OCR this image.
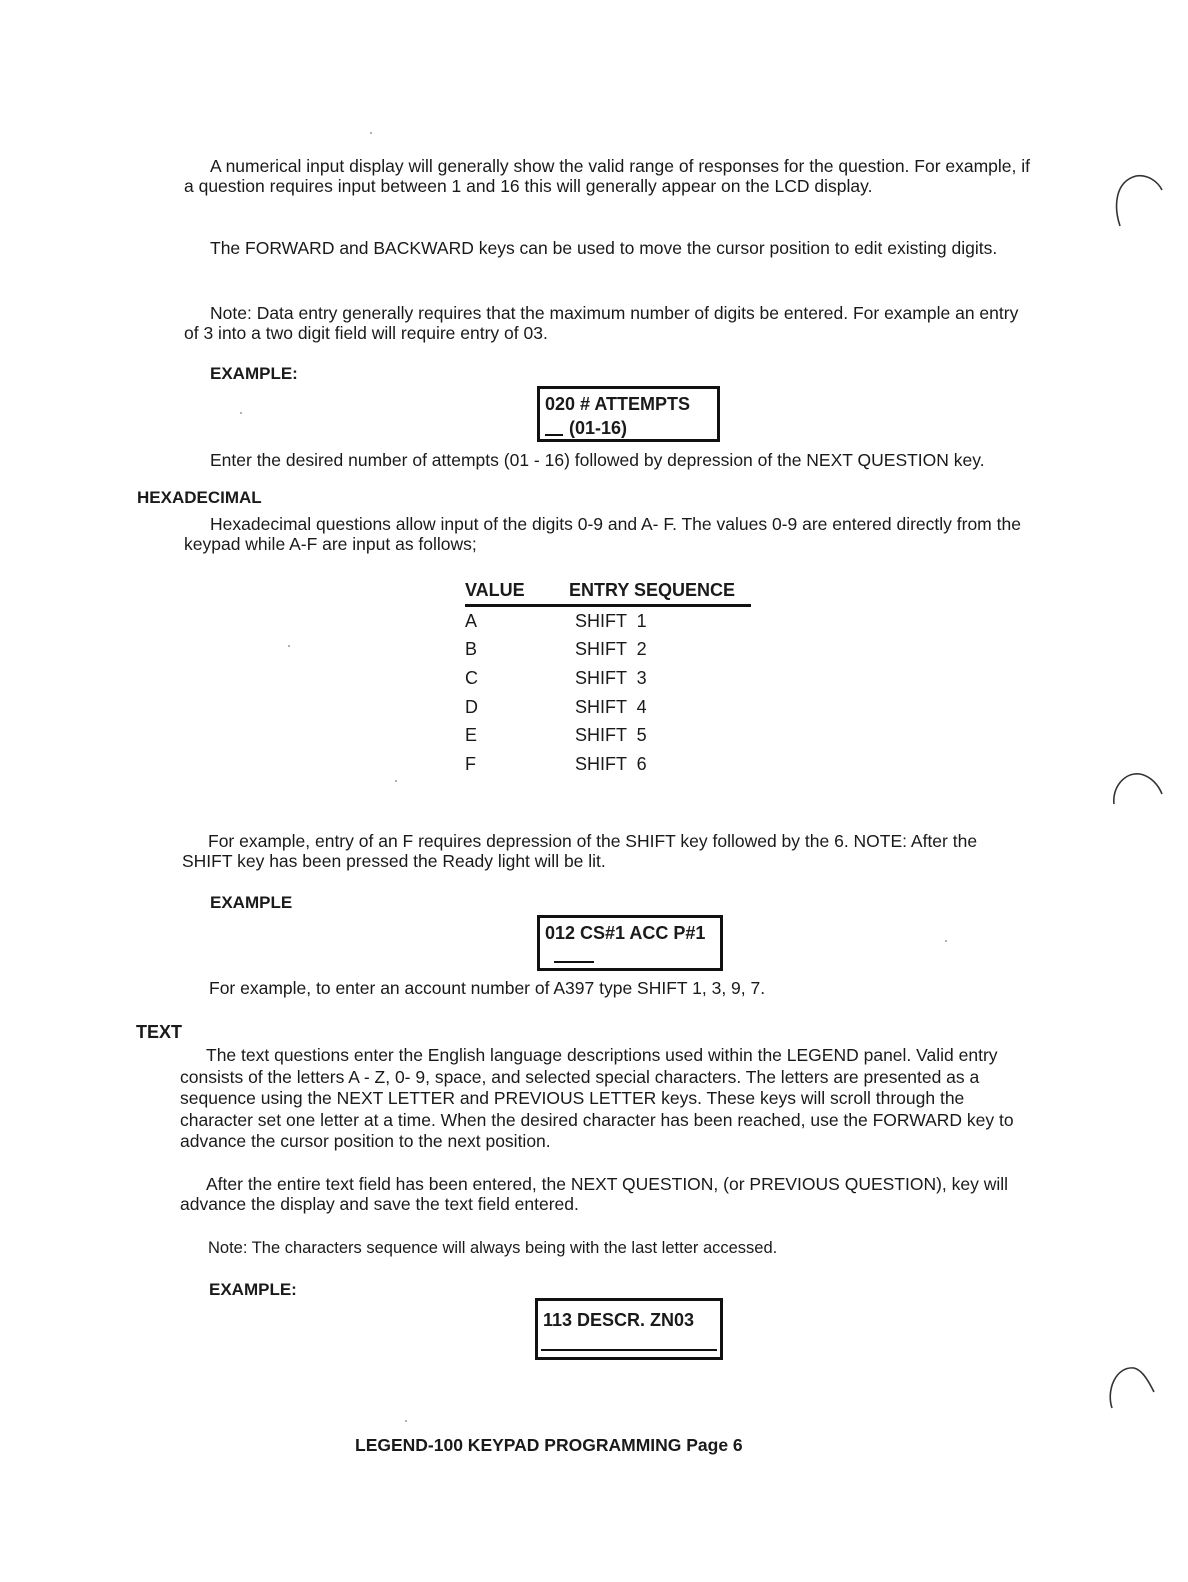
A numerical input display will generally show the valid range of responses for the question. For example, if a question requires input between 1 and 16 this will generally appear on the LCD display.

The FORWARD and BACKWARD keys can be used to move the cursor position to edit existing digits.

Note: Data entry generally requires that the maximum number of digits be entered. For example an entry of 3 into a two digit field will require entry of 03.

EXAMPLE:
020 # ATTEMPTS
(01-16)

Enter the desired number of attempts (01 - 16) followed by depression of the NEXT QUESTION key.

HEXADECIMAL

Hexadecimal questions allow input of the digits 0-9 and A- F. The values 0-9 are entered directly from the keypad while A-F are input as follows;

VALUE	ENTRY SEQUENCE
A	SHIFT  1
B	SHIFT  2
C	SHIFT  3
D	SHIFT  4
E	SHIFT  5
F	SHIFT  6

For example, entry of an F requires depression of the SHIFT key followed by the 6. NOTE: After the SHIFT key has been pressed the Ready light will be lit.

EXAMPLE
012 CS#1 ACC P#1

For example, to enter an account number of A397 type SHIFT 1, 3, 9, 7.

TEXT

The text questions enter the English language descriptions used within the LEGEND panel. Valid entry consists of the letters A - Z, 0- 9, space, and selected special characters. The letters are presented as a sequence using the NEXT LETTER and PREVIOUS LETTER keys. These keys will scroll through the character set one letter at a time. When the desired character has been reached, use the FORWARD key to advance the cursor position to the next position.

After the entire text field has been entered, the NEXT QUESTION, (or PREVIOUS QUESTION), key will advance the display and save the text field entered.

Note: The characters sequence will always being with the last letter accessed.

EXAMPLE:
113 DESCR. ZN03
LEGEND-100 KEYPAD PROGRAMMING Page 6
